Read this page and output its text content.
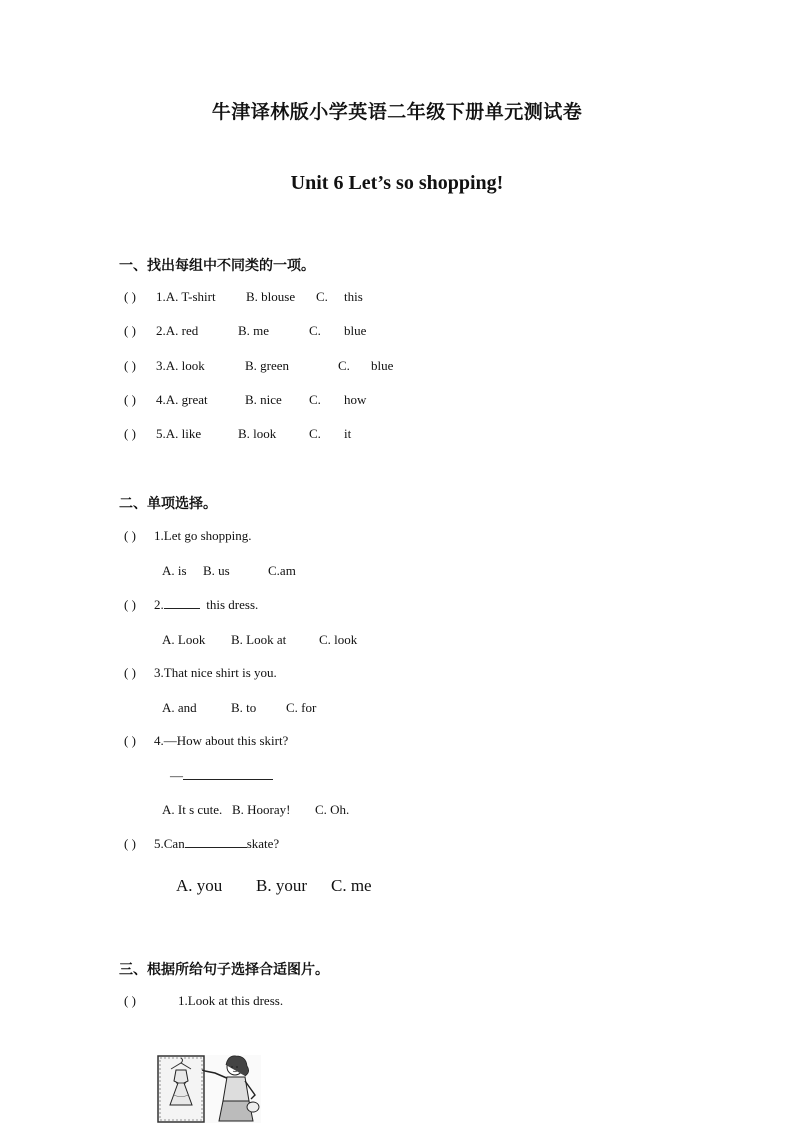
牛津译林版小学英语二年级下册单元测试卷
Unit 6 Let’s so shopping!
一、找出每组中不同类的一项。
( ) 1.A. T-shirt B. blouse C. this
( ) 2.A. red	B. me	C. blue
( ) 3.A. look	B. green	C. blue
( ) 4.A. great	B. nice C. how
( ) 5.A. like	B. look	C. it
二、单项选择。
( ) 1.Let go shopping.
A. is B. us	C.am
( ) 2.	this dress.
A. Look B. Look at	C. look
( ) 3.That nice shirt is you.
A. and	B. to C. for
( ) 4.—How about this skirt?
—
A. It s cute. B. Hooray! C. Oh.
( ) 5.Can	skate?
A. you B. your C. me
三、根据所给句子选择合适图片。
( )	1.Look at this dress.
